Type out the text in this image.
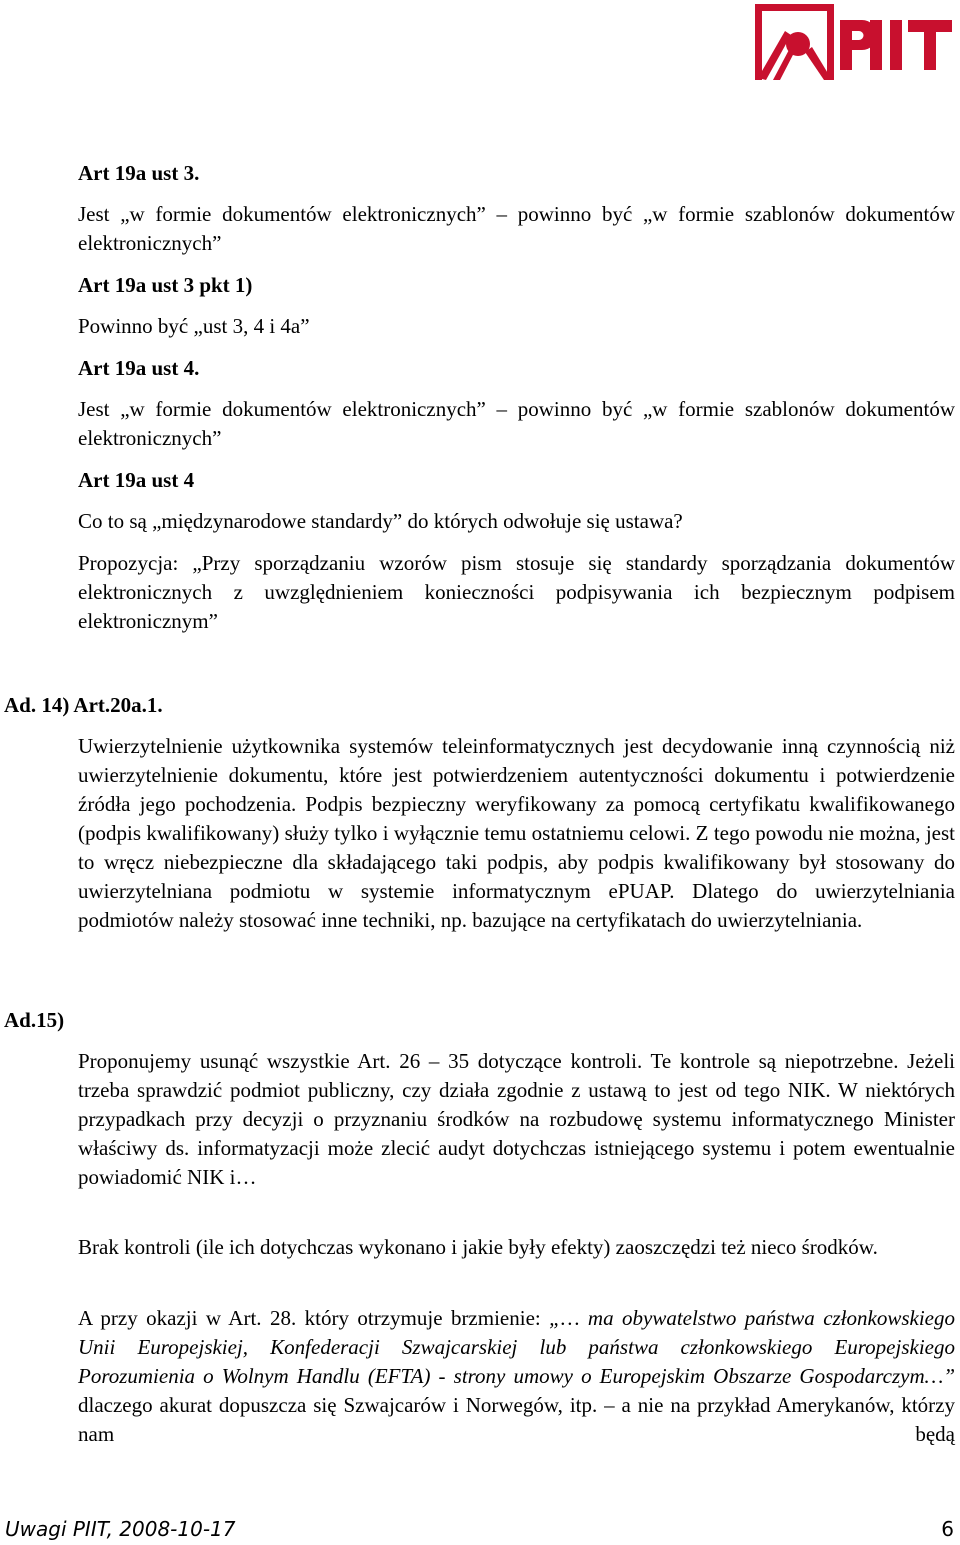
Art 19a ust 3.

Jest „w formie dokumentów elektronicznych” – powinno być „w formie szablonów dokumentów elektronicznych”

Art 19a ust 3 pkt 1)

Powinno być „ust 3, 4 i 4a”

Art 19a ust 4.

Jest „w formie dokumentów elektronicznych” – powinno być „w formie szablonów dokumentów elektronicznych”

Art 19a ust 4

Co to są „międzynarodowe standardy” do których odwołuje się ustawa?

Propozycja: „Przy sporządzaniu wzorów pism stosuje się standardy sporządzania dokumentów elektronicznych z uwzględnieniem konieczności podpisywania ich bezpiecznym podpisem elektronicznym”

Ad. 14) Art.20a.1.

Uwierzytelnienie użytkownika systemów teleinformatycznych jest decydowanie inną czynnością niż uwierzytelnienie dokumentu, które jest potwierdzeniem autentyczności dokumentu i potwierdzenie źródła jego pochodzenia. Podpis bezpieczny weryfikowany za pomocą certyfikatu kwalifikowanego (podpis kwalifikowany) służy tylko i wyłącznie temu ostatniemu celowi. Z tego powodu nie można, jest to wręcz niebezpieczne dla składającego taki podpis, aby podpis kwalifikowany był stosowany do uwierzytelniana podmiotu w systemie informatycznym ePUAP. Dlatego do uwierzytelniania podmiotów należy stosować inne techniki, np. bazujące na certyfikatach do uwierzytelniania.

Ad.15)

Proponujemy usunąć wszystkie Art. 26 – 35 dotyczące kontroli. Te kontrole są niepotrzebne. Jeżeli trzeba sprawdzić podmiot publiczny, czy działa zgodnie z ustawą to jest od tego NIK. W niektórych przypadkach przy decyzji o przyznaniu środków na rozbudowę systemu informatycznego Minister właściwy ds. informatyzacji może zlecić audyt dotychczas istniejącego systemu i potem ewentualnie powiadomić NIK i…

Brak kontroli (ile ich dotychczas wykonano i jakie były efekty) zaoszczędzi też nieco środków.

A przy okazji w Art. 28. który otrzymuje brzmienie: „… ma obywatelstwo państwa członkowskiego Unii Europejskiej, Konfederacji Szwajcarskiej lub państwa członkowskiego Europejskiego Porozumienia o Wolnym Handlu (EFTA) - strony umowy o Europejskim Obszarze Gospodarczym…” dlaczego akurat dopuszcza się Szwajcarów i Norwegów, itp. – a nie na przykład Amerykanów, którzy nam będą

Uwagi PIIT, 2008-10-17	6
